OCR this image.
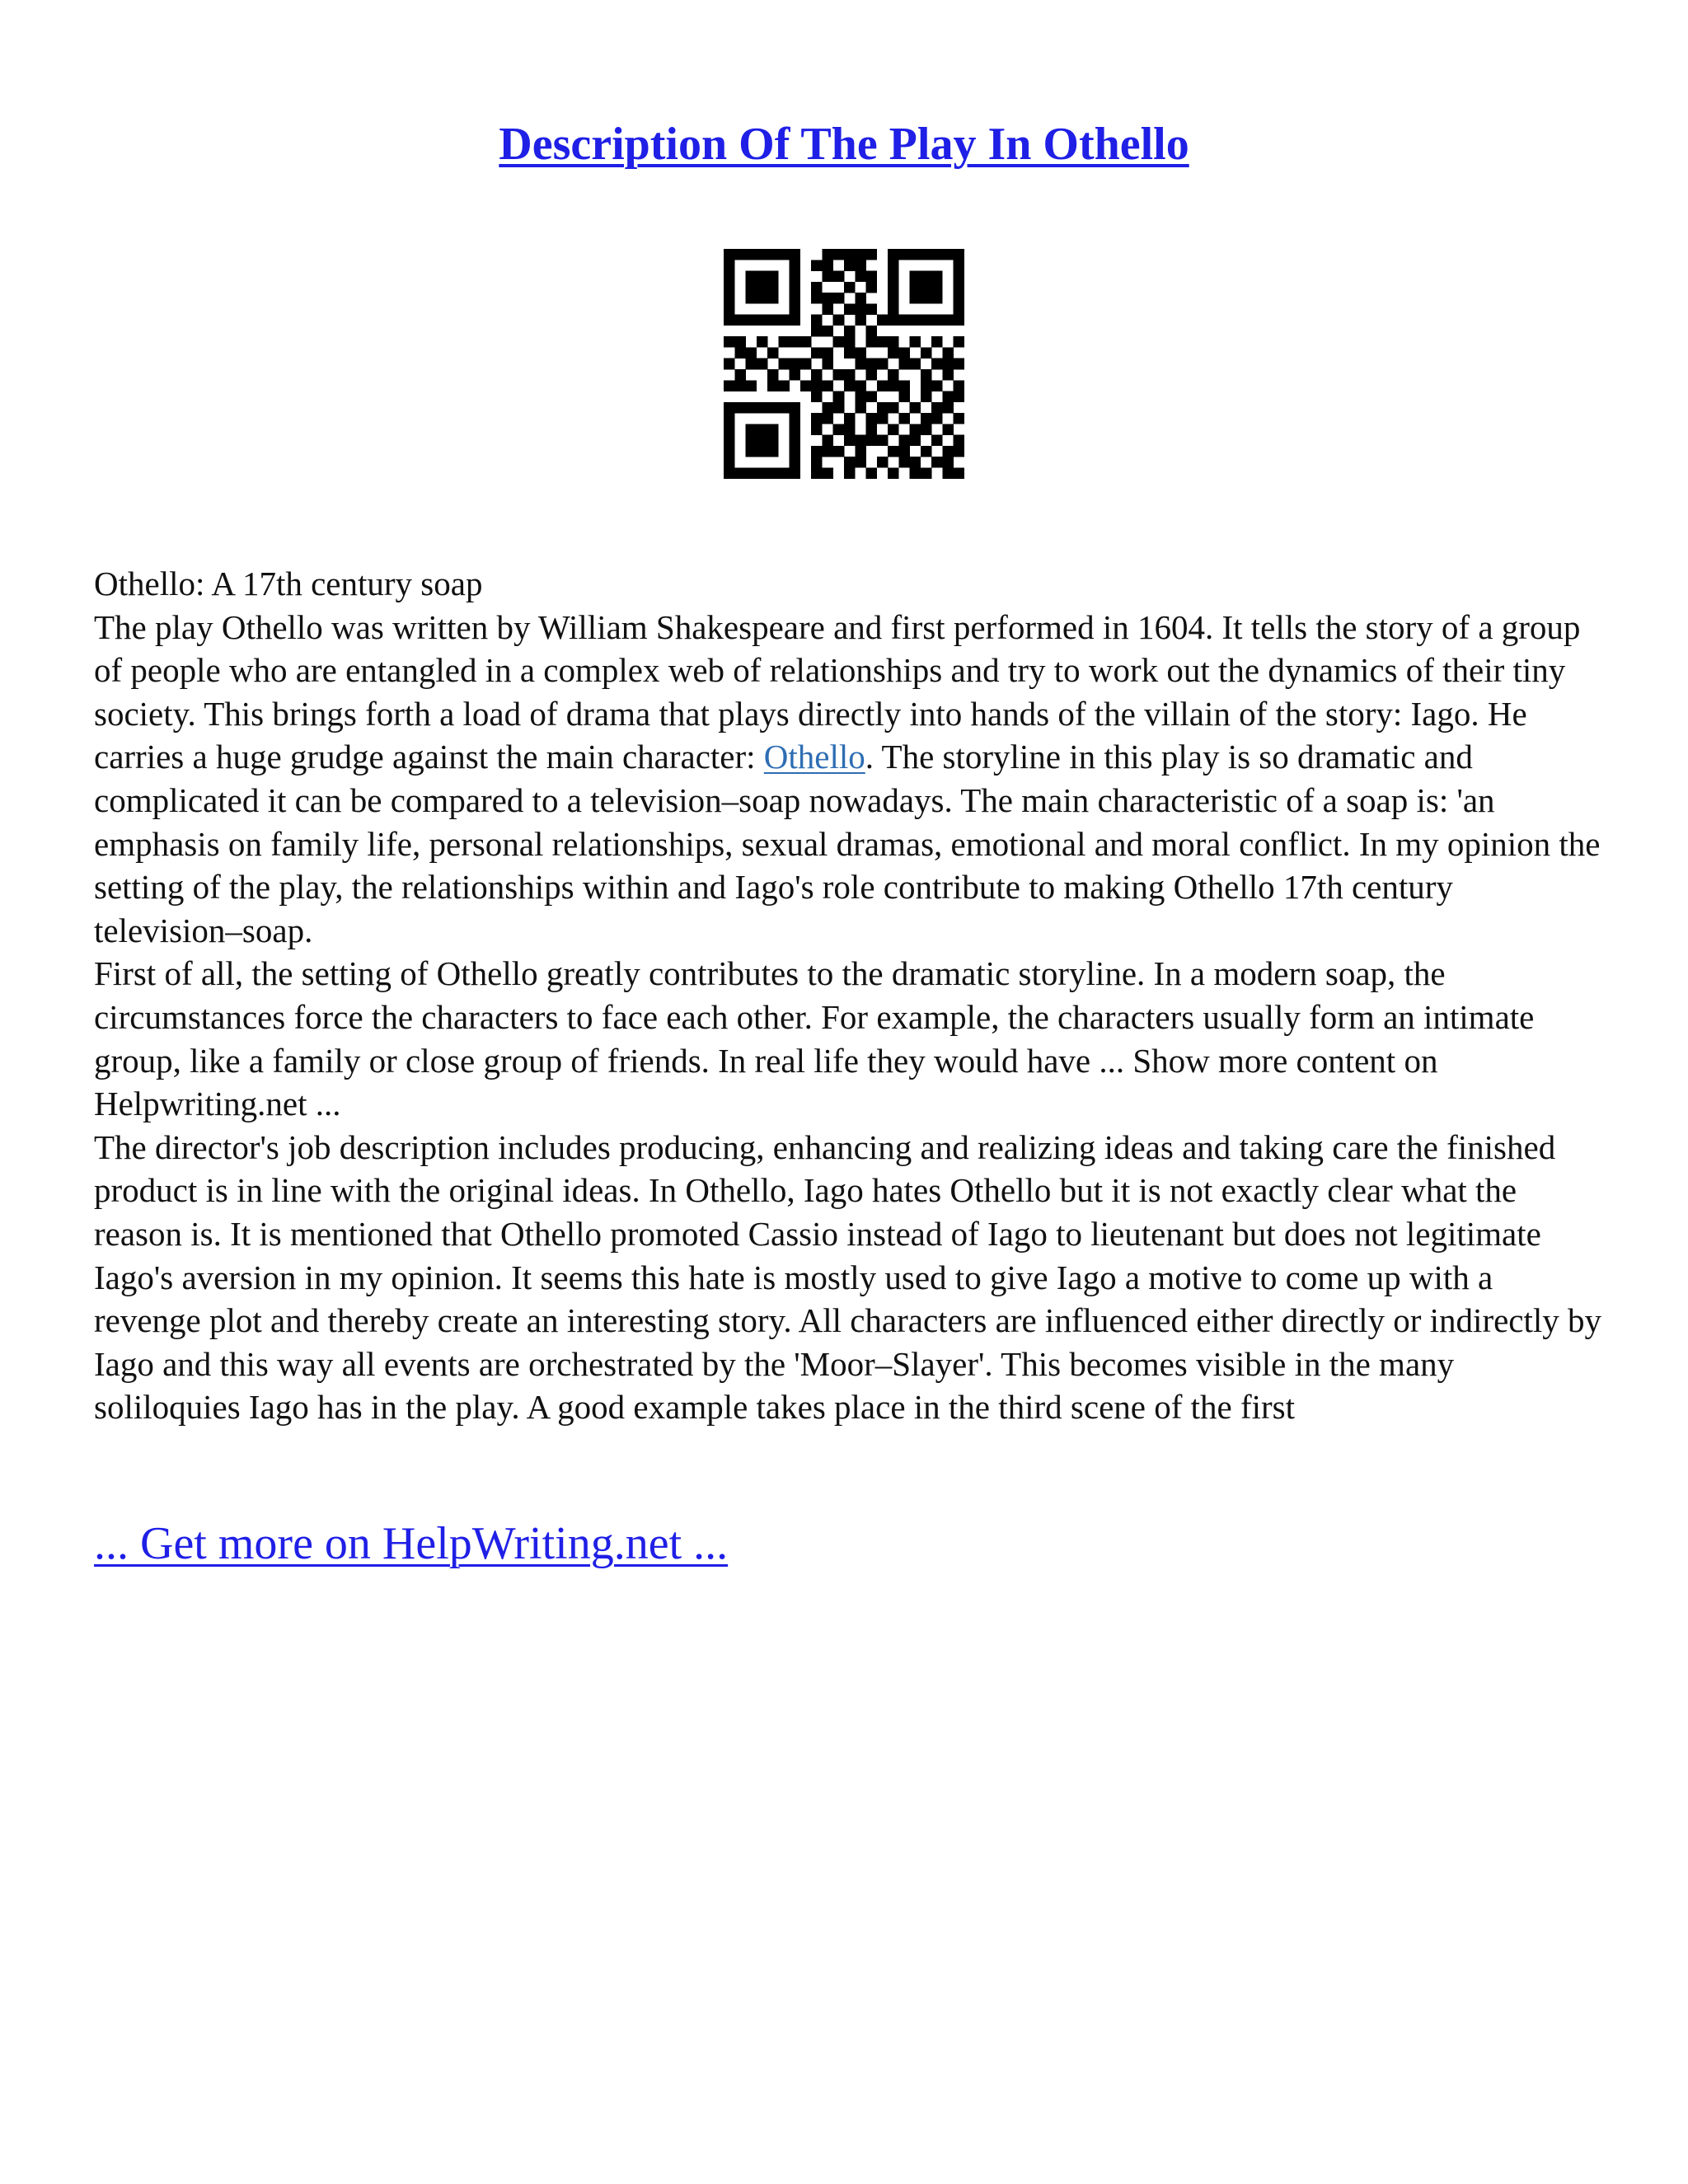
Description Of The Play In Othello

Othello: A 17th century soap

The play Othello was written by William Shakespeare and first performed in 1604. It tells the story of a group of people who are entangled in a complex web of relationships and try to work out the dynamics of their tiny society. This brings forth a load of drama that plays directly into hands of the villain of the story: Iago. He carries a huge grudge against the main character: Othello. The storyline in this play is so dramatic and complicated it can be compared to a television–soap nowadays. The main characteristic of a soap is: 'an emphasis on family life, personal relationships, sexual dramas, emotional and moral conflict. In my opinion the setting of the play, the relationships within and Iago's role contribute to making Othello 17th century television–soap.

First of all, the setting of Othello greatly contributes to the dramatic storyline. In a modern soap, the circumstances force the characters to face each other. For example, the characters usually form an intimate group, like a family or close group of friends. In real life they would have ... Show more content on Helpwriting.net ...

The director's job description includes producing, enhancing and realizing ideas and taking care the finished product is in line with the original ideas. In Othello, Iago hates Othello but it is not exactly clear what the reason is. It is mentioned that Othello promoted Cassio instead of Iago to lieutenant but does not legitimate Iago's aversion in my opinion. It seems this hate is mostly used to give Iago a motive to come up with a revenge plot and thereby create an interesting story. All characters are influenced either directly or indirectly by Iago and this way all events are orchestrated by the 'Moor–Slayer'. This becomes visible in the many soliloquies Iago has in the play. A good example takes place in the third scene of the first

... Get more on HelpWriting.net ...
